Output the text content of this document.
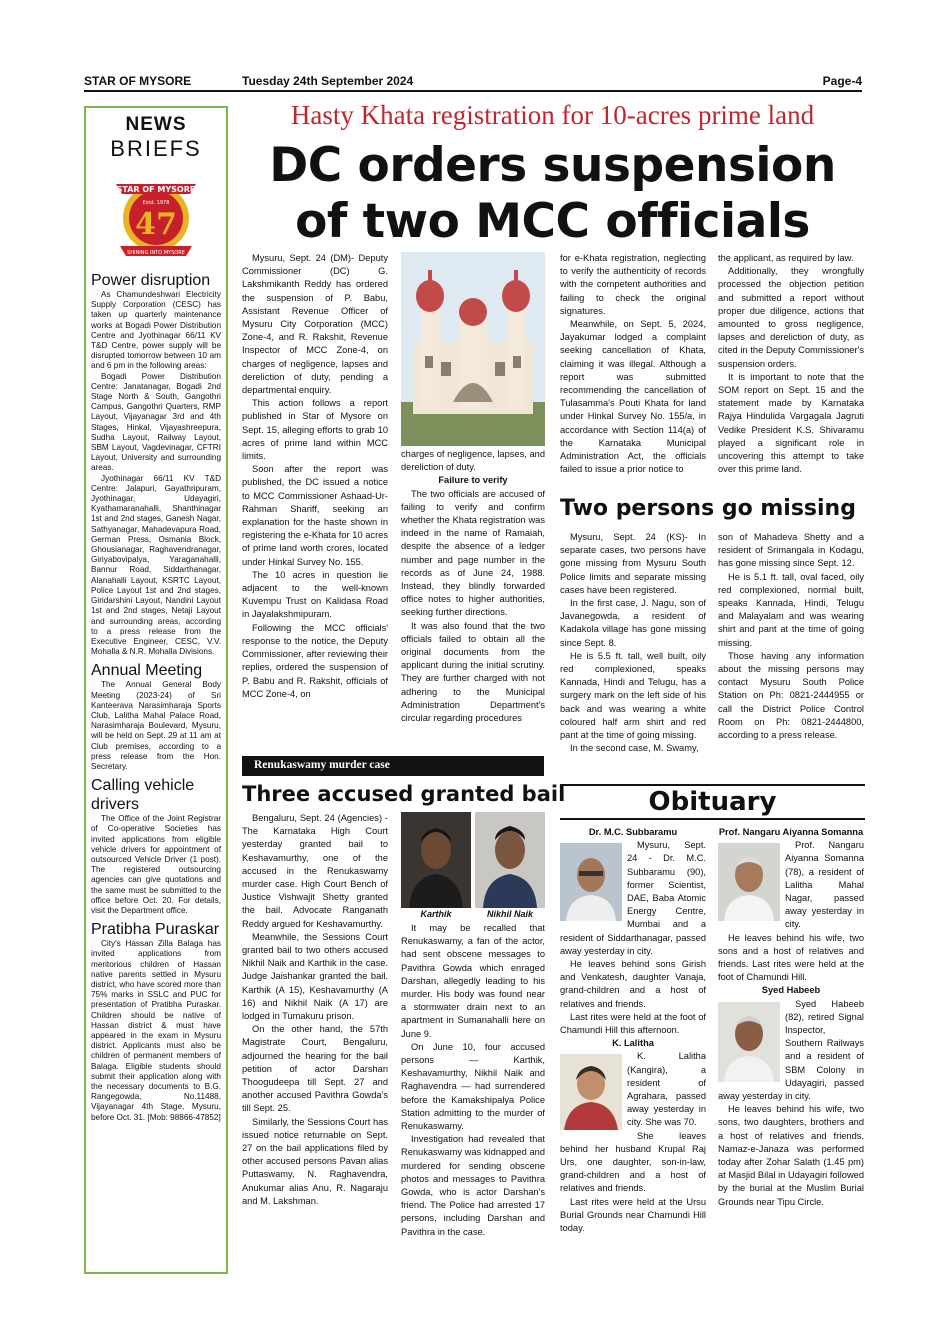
STAR OF MYSORE	Tuesday 24th September 2024	Page-4
NEWS
BRIEFS
STAR OF MYSORE
Estd. 1978
47
SHINING INTO MYSORE
Power disruption

As Chamundeshwari Electricity Supply Corporation (CESC) has taken up quarterly maintenance works at Bogadi Power Distribution Centre and Jyothinagar 66/11 KV T&D Centre, power supply will be disrupted tomorrow between 10 am and 6 pm in the following areas:

Bogadi Power Distribution Centre: Janatanagar, Bogadi 2nd Stage North & South, Gangothri Campus, Gangothri Quarters, RMP Layout, Vijayanagar 3rd and 4th Stages, Hinkal, Vijayashreepura, Sudha Layout, Railway Layout, SBM Layout, Vagdevinagar, CFTRI Layout, University and surrounding areas.

Jyothinagar 66/11 KV T&D Centre: Jalapuri, Gayathripuram, Jyothinagar, Udayagiri, Kyathamaranahalli, Shanthinagar 1st and 2nd stages, Ganesh Nagar, Sathyanagar, Mahadevapura Road, German Press, Osmania Block, Ghousianagar, Raghavendranagar, Giriyabovipalya, Yaraganahalli, Bannur Road, Siddarthanagar, Alanahalli Layout, KSRTC Layout, Police Layout 1st and 2nd stages, Giridarshini Layout, Nandini Layout 1st and 2nd stages, Netaji Layout and surrounding areas, according to a press release from the Executive Engineer, CESC, V.V. Mohalla & N.R. Mohalla Divisions.

Annual Meeting

The Annual General Body Meeting (2023-24) of Sri Kanteerava Narasimharaja Sports Club, Lalitha Mahal Palace Road, Narasimharaja Boulevard, Mysuru, will be held on Sept. 29 at 11 am at Club premises, according to a press release from the Hon. Secretary.

Calling vehicle drivers

The Office of the Joint Registrar of Co-operative Societies has invited applications from eligible vehicle drivers for appointment of outsourced Vehicle Driver (1 post). The registered outsourcing agencies can give quotations and the same must be submitted to the office before Oct. 20. For details, visit the Department office.

Pratibha Puraskar

City's Hassan Zilla Balaga has invited applications from meritorious children of Hassan native parents settled in Mysuru district, who have scored more than 75% marks in SSLC and PUC for presentation of Pratibha Puraskar. Children should be native of Hassan district & must have appeared in the exam in Mysuru district. Applicants must also be children of permanent members of Balaga. Eligible students should submit their application along with the necessary documents to B.G. Rangegowda, No.11488, Vijayanagar 4th Stage, Mysuru, before Oct. 31. [Mob: 98866-47852]

Hasty Khata registration for 10-acres prime land
DC orders suspension
of two MCC officials

Mysuru, Sept. 24 (DM)- Deputy Commissioner (DC) G. Lakshmikanth Reddy has ordered the suspension of P. Babu, Assistant Revenue Officer of Mysuru City Corporation (MCC) Zone-4, and R. Rakshit, Revenue Inspector of MCC Zone-4, on charges of negligence, lapses and dereliction of duty, pending a departmental enquiry.

This action follows a report published in Star of Mysore on Sept. 15, alleging efforts to grab 10 acres of prime land within MCC limits.

Soon after the report was published, the DC issued a notice to MCC Commissioner Ashaad-Ur-Rahman Shariff, seeking an explanation for the haste shown in registering the e-Khata for 10 acres of prime land worth crores, located under Hinkal Survey No. 155.

The 10 acres in question lie adjacent to the well-known Kuvempu Trust on Kalidasa Road in Jayalakshmipuram.

Following the MCC officials' response to the notice, the Deputy Commissioner, after reviewing their replies, ordered the suspension of P. Babu and R. Rakshit, officials of MCC Zone-4, on

charges of negligence, lapses, and dereliction of duty.

Failure to verify

The two officials are accused of failing to verify and confirm whether the Khata registration was indeed in the name of Ramaiah, despite the absence of a ledger number and page number in the records as of June 24, 1988. Instead, they blindly forwarded office notes to higher authorities, seeking further directions.

It was also found that the two officials failed to obtain all the original documents from the applicant during the initial scrutiny. They are further charged with not adhering to the Municipal Administration Department's circular regarding procedures

for e-Khata registration, neglecting to verify the authenticity of records with the competent authorities and failing to check the original signatures.

Meanwhile, on Sept. 5, 2024, Jayakumar lodged a complaint seeking cancellation of Khata, claiming it was illegal. Although a report was submitted recommending the cancellation of Tulasamma's Pouti Khata for land under Hinkal Survey No. 155/a, in accordance with Section 114(a) of the Karnataka Municipal Administration Act, the officials failed to issue a prior notice to

the applicant, as required by law.

Additionally, they wrongfully processed the objection petition and submitted a report without proper due diligence, actions that amounted to gross negligence, lapses and dereliction of duty, as cited in the Deputy Commissioner's suspension orders.

It is important to note that the SOM report on Sept. 15 and the statement made by Karnataka Rajya Hindulida Vargagala Jagruti Vedike President K.S. Shivaramu played a significant role in uncovering this attempt to take over this prime land.

Two persons go missing

Mysuru, Sept. 24 (KS)- In separate cases, two persons have gone missing from Mysuru South Police limits and separate missing cases have been registered.

In the first case, J. Nagu, son of Javanegowda, a resident of Kadakola village has gone missing since Sept. 8.

He is 5.5 ft. tall, well built, oily red complexioned, speaks Kannada, Hindi and Telugu, has a surgery mark on the left side of his back and was wearing a white coloured half arm shirt and red pant at the time of going missing.

In the second case, M. Swamy,

son of Mahadeva Shetty and a resident of Srimangala in Kodagu, has gone missing since Sept. 12.

He is 5.1 ft. tall, oval faced, oily red complexioned, normal built, speaks Kannada, Hindi, Telugu and Malayalam and was wearing shirt and pant at the time of going missing.

Those having any information about the missing persons may contact Mysuru South Police Station on Ph: 0821-2444955 or call the District Police Control Room on Ph: 0821-2444800, according to a press release.

Renukaswamy murder case
Three accused granted bail

Bengaluru, Sept. 24 (Agencies) - The Karnataka High Court yesterday granted bail to Keshavamurthy, one of the accused in the Renukaswamy murder case. High Court Bench of Justice Vishwajit Shetty granted the bail. Advocate Ranganath Reddy argued for Keshavamurthy.

Meanwhile, the Sessions Court granted bail to two others accused Nikhil Naik and Karthik in the case. Judge Jaishankar granted the bail. Karthik (A 15), Keshavamurthy (A 16) and Nikhil Naik (A 17) are lodged in Tumakuru prison.

On the other hand, the 57th Magistrate Court, Bengaluru, adjourned the hearing for the bail petition of actor Darshan Thoogudeepa till Sept. 27 and another accused Pavithra Gowda's till Sept. 25.

Similarly, the Sessions Court has issued notice returnable on Sept. 27 on the bail applications filed by other accused persons Pavan alias Puttaswamy, N. Raghavendra, Anukumar alias Anu, R. Nagaraju and M. Lakshman.

Karthik	Nikhil Naik

It may be recalled that Renukaswamy, a fan of the actor, had sent obscene messages to Pavithra Gowda which enraged Darshan, allegedly leading to his murder. His body was found near a stormwater drain next to an apartment in Sumanahalli here on June 9.

On June 10, four accused persons — Karthik, Keshavamurthy, Nikhil Naik and Raghavendra — had surrendered before the Kamakshipalya Police Station admitting to the murder of Renukaswamy.

Investigation had revealed that Renukaswamy was kidnapped and murdered for sending obscene photos and messages to Pavithra Gowda, who is actor Darshan's friend. The Police had arrested 17 persons, including Darshan and Pavithra in the case.

Obituary

Dr. M.C. Subbaramu

Mysuru, Sept. 24 - Dr. M.C. Subbaramu (90), former Scientist, DAE, Baba Atomic Energy Centre, Mumbai and a resident of Siddarthanagar, passed away yesterday in city.

He leaves behind sons Girish and Venkatesh, daughter Vanaja, grand-children and a host of relatives and friends.

Last rites were held at the foot of Chamundi Hill this afternoon.

K. Lalitha

K. Lalitha (Kangira), a resident of Agrahara, passed away yesterday in city. She was 70.

She leaves behind her husband Krupal Raj Urs, one daughter, son-in-law, grand-children and a host of relatives and friends.

Last rites were held at the Ursu Burial Grounds near Chamundi Hill today.

Prof. Nangaru Aiyanna Somanna

Prof. Nangaru Aiyanna Somanna (78), a resident of Lalitha Mahal Nagar, passed away yesterday in city.

He leaves behind his wife, two sons and a host of relatives and friends. Last rites were held at the foot of Chamundi Hill.

Syed Habeeb

Syed Habeeb (82), retired Signal Inspector, Southern Railways and a resident of SBM Colony in Udayagiri, passed away yesterday in city.

He leaves behind his wife, two sons, two daughters, brothers and a host of relatives and friends. Namaz-e-Janaza was performed today after Zohar Salath (1.45 pm) at Masjid Bilal in Udayagiri followed by the burial at the Muslim Burial Grounds near Tipu Circle.
